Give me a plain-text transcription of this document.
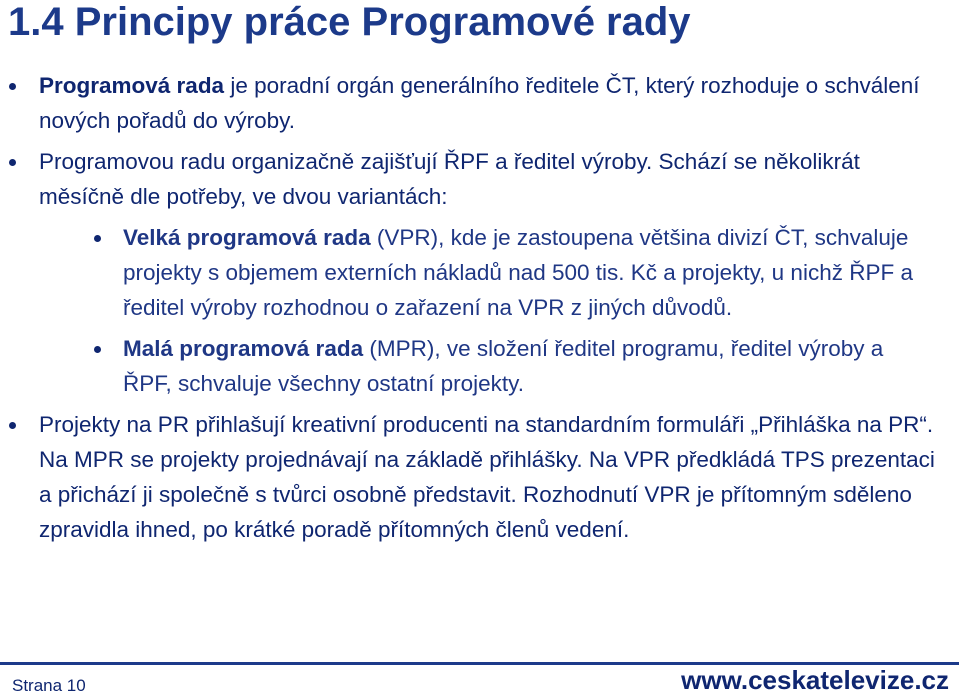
1.4 Principy práce Programové rady
Programová rada je poradní orgán generálního ředitele ČT, který rozhoduje o schválení nových pořadů do výroby.
Programovou radu organizačně zajišťují ŘPF a ředitel výroby. Schází se několikrát měsíčně dle potřeby, ve dvou variantách:
Velká programová rada (VPR), kde je zastoupena většina divizí ČT, schvaluje projekty s objemem externích nákladů nad 500 tis. Kč a projekty, u nichž ŘPF a ředitel výroby rozhodnou o zařazení na VPR z jiných důvodů.
Malá programová rada (MPR), ve složení ředitel programu, ředitel výroby a ŘPF, schvaluje všechny ostatní projekty.
Projekty na PR přihlašují kreativní producenti na standardním formuláři „Přihláška na PR“. Na MPR se projekty projednávají na základě přihlášky. Na VPR předkládá TPS prezentaci a přichází ji společně s tvůrci osobně představit. Rozhodnutí VPR je přítomným sděleno zpravidla ihned, po krátké poradě přítomných členů vedení.
Strana 10	www.ceskatelevize.cz
